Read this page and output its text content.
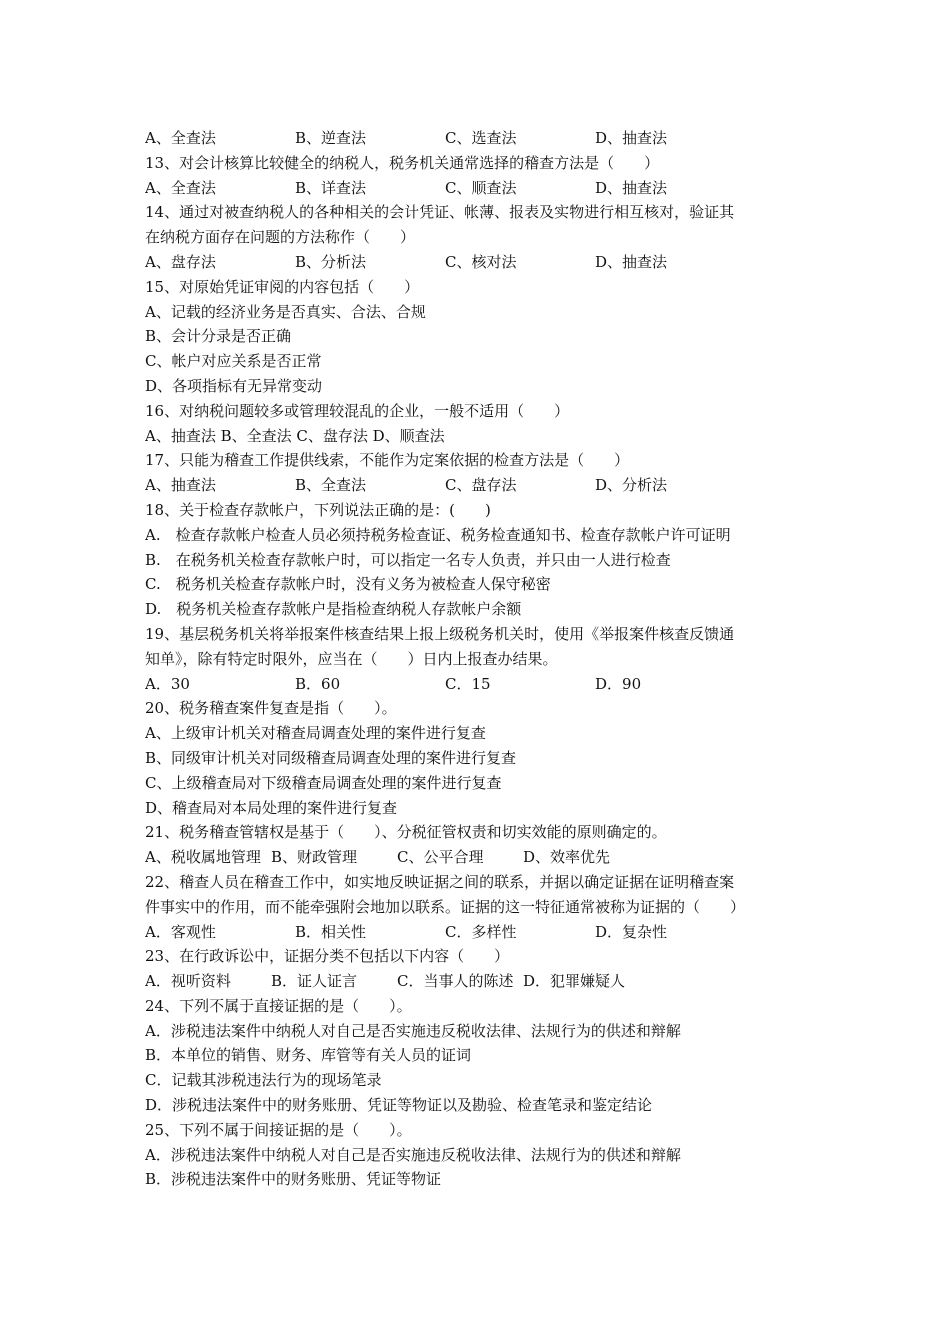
A、全查法	B、逆查法	C、选查法	D、抽查法
13、对会计核算比较健全的纳税人，税务机关通常选择的稽查方法是（　　）
A、全查法	B、详查法	C、顺查法	D、抽查法
14、通过对被查纳税人的各种相关的会计凭证、帐薄、报表及实物进行相互核对，验证其
在纳税方面存在问题的方法称作（　　）
A、盘存法	B、分析法	C、核对法	D、抽查法
15、对原始凭证审阅的内容包括（　　）
A、记载的经济业务是否真实、合法、合规
B、会计分录是否正确
C、帐户对应关系是否正常
D、各项指标有无异常变动
16、对纳税问题较多或管理较混乱的企业，一般不适用（　　）
A、抽查法 B、全查法 C、盘存法 D、顺查法
17、只能为稽查工作提供线索，不能作为定案依据的检查方法是（　　）
A、抽查法	B、全查法	C、盘存法	D、分析法
18、关于检查存款帐户，下列说法正确的是：(　　)
A.　检查存款帐户检查人员必须持税务检查证、税务检查通知书、检查存款帐户许可证明
B.　在税务机关检查存款帐户时，可以指定一名专人负责，并只由一人进行检查
C.　税务机关检查存款帐户时，没有义务为被检查人保守秘密
D.　税务机关检查存款帐户是指检查纳税人存款帐户余额
19、基层税务机关将举报案件核查结果上报上级税务机关时，使用《举报案件核查反馈通
知单》，除有特定时限外，应当在（　　）日内上报查办结果。
A．30	B．60	C．15	D．90
20、税务稽查案件复查是指（　　）。
A、上级审计机关对稽查局调查处理的案件进行复查
B、同级审计机关对同级稽查局调查处理的案件进行复查
C、上级稽查局对下级稽查局调查处理的案件进行复查
D、稽查局对本局处理的案件进行复查
21、税务稽查管辖权是基于（　　）、分税征管权责和切实效能的原则确定的。
A、税收属地管理 B、财政管理	C、公平合理	D、效率优先
22、稽查人员在稽查工作中，如实地反映证据之间的联系，并据以确定证据在证明稽查案
件事实中的作用，而不能牵强附会地加以联系。证据的这一特征通常被称为证据的（　　）
A．客观性	B．相关性	C．多样性	D．复杂性
23、在行政诉讼中，证据分类不包括以下内容（　　）
A．视听资料	B．证人证言	C．当事人的陈述 D．犯罪嫌疑人
24、下列不属于直接证据的是（　　）。
A．涉税违法案件中纳税人对自己是否实施违反税收法律、法规行为的供述和辩解
B．本单位的销售、财务、库管等有关人员的证词
C．记载其涉税违法行为的现场笔录
D．涉税违法案件中的财务账册、凭证等物证以及勘验、检查笔录和鉴定结论
25、下列不属于间接证据的是（　　）。
A．涉税违法案件中纳税人对自己是否实施违反税收法律、法规行为的供述和辩解
B．涉税违法案件中的财务账册、凭证等物证
